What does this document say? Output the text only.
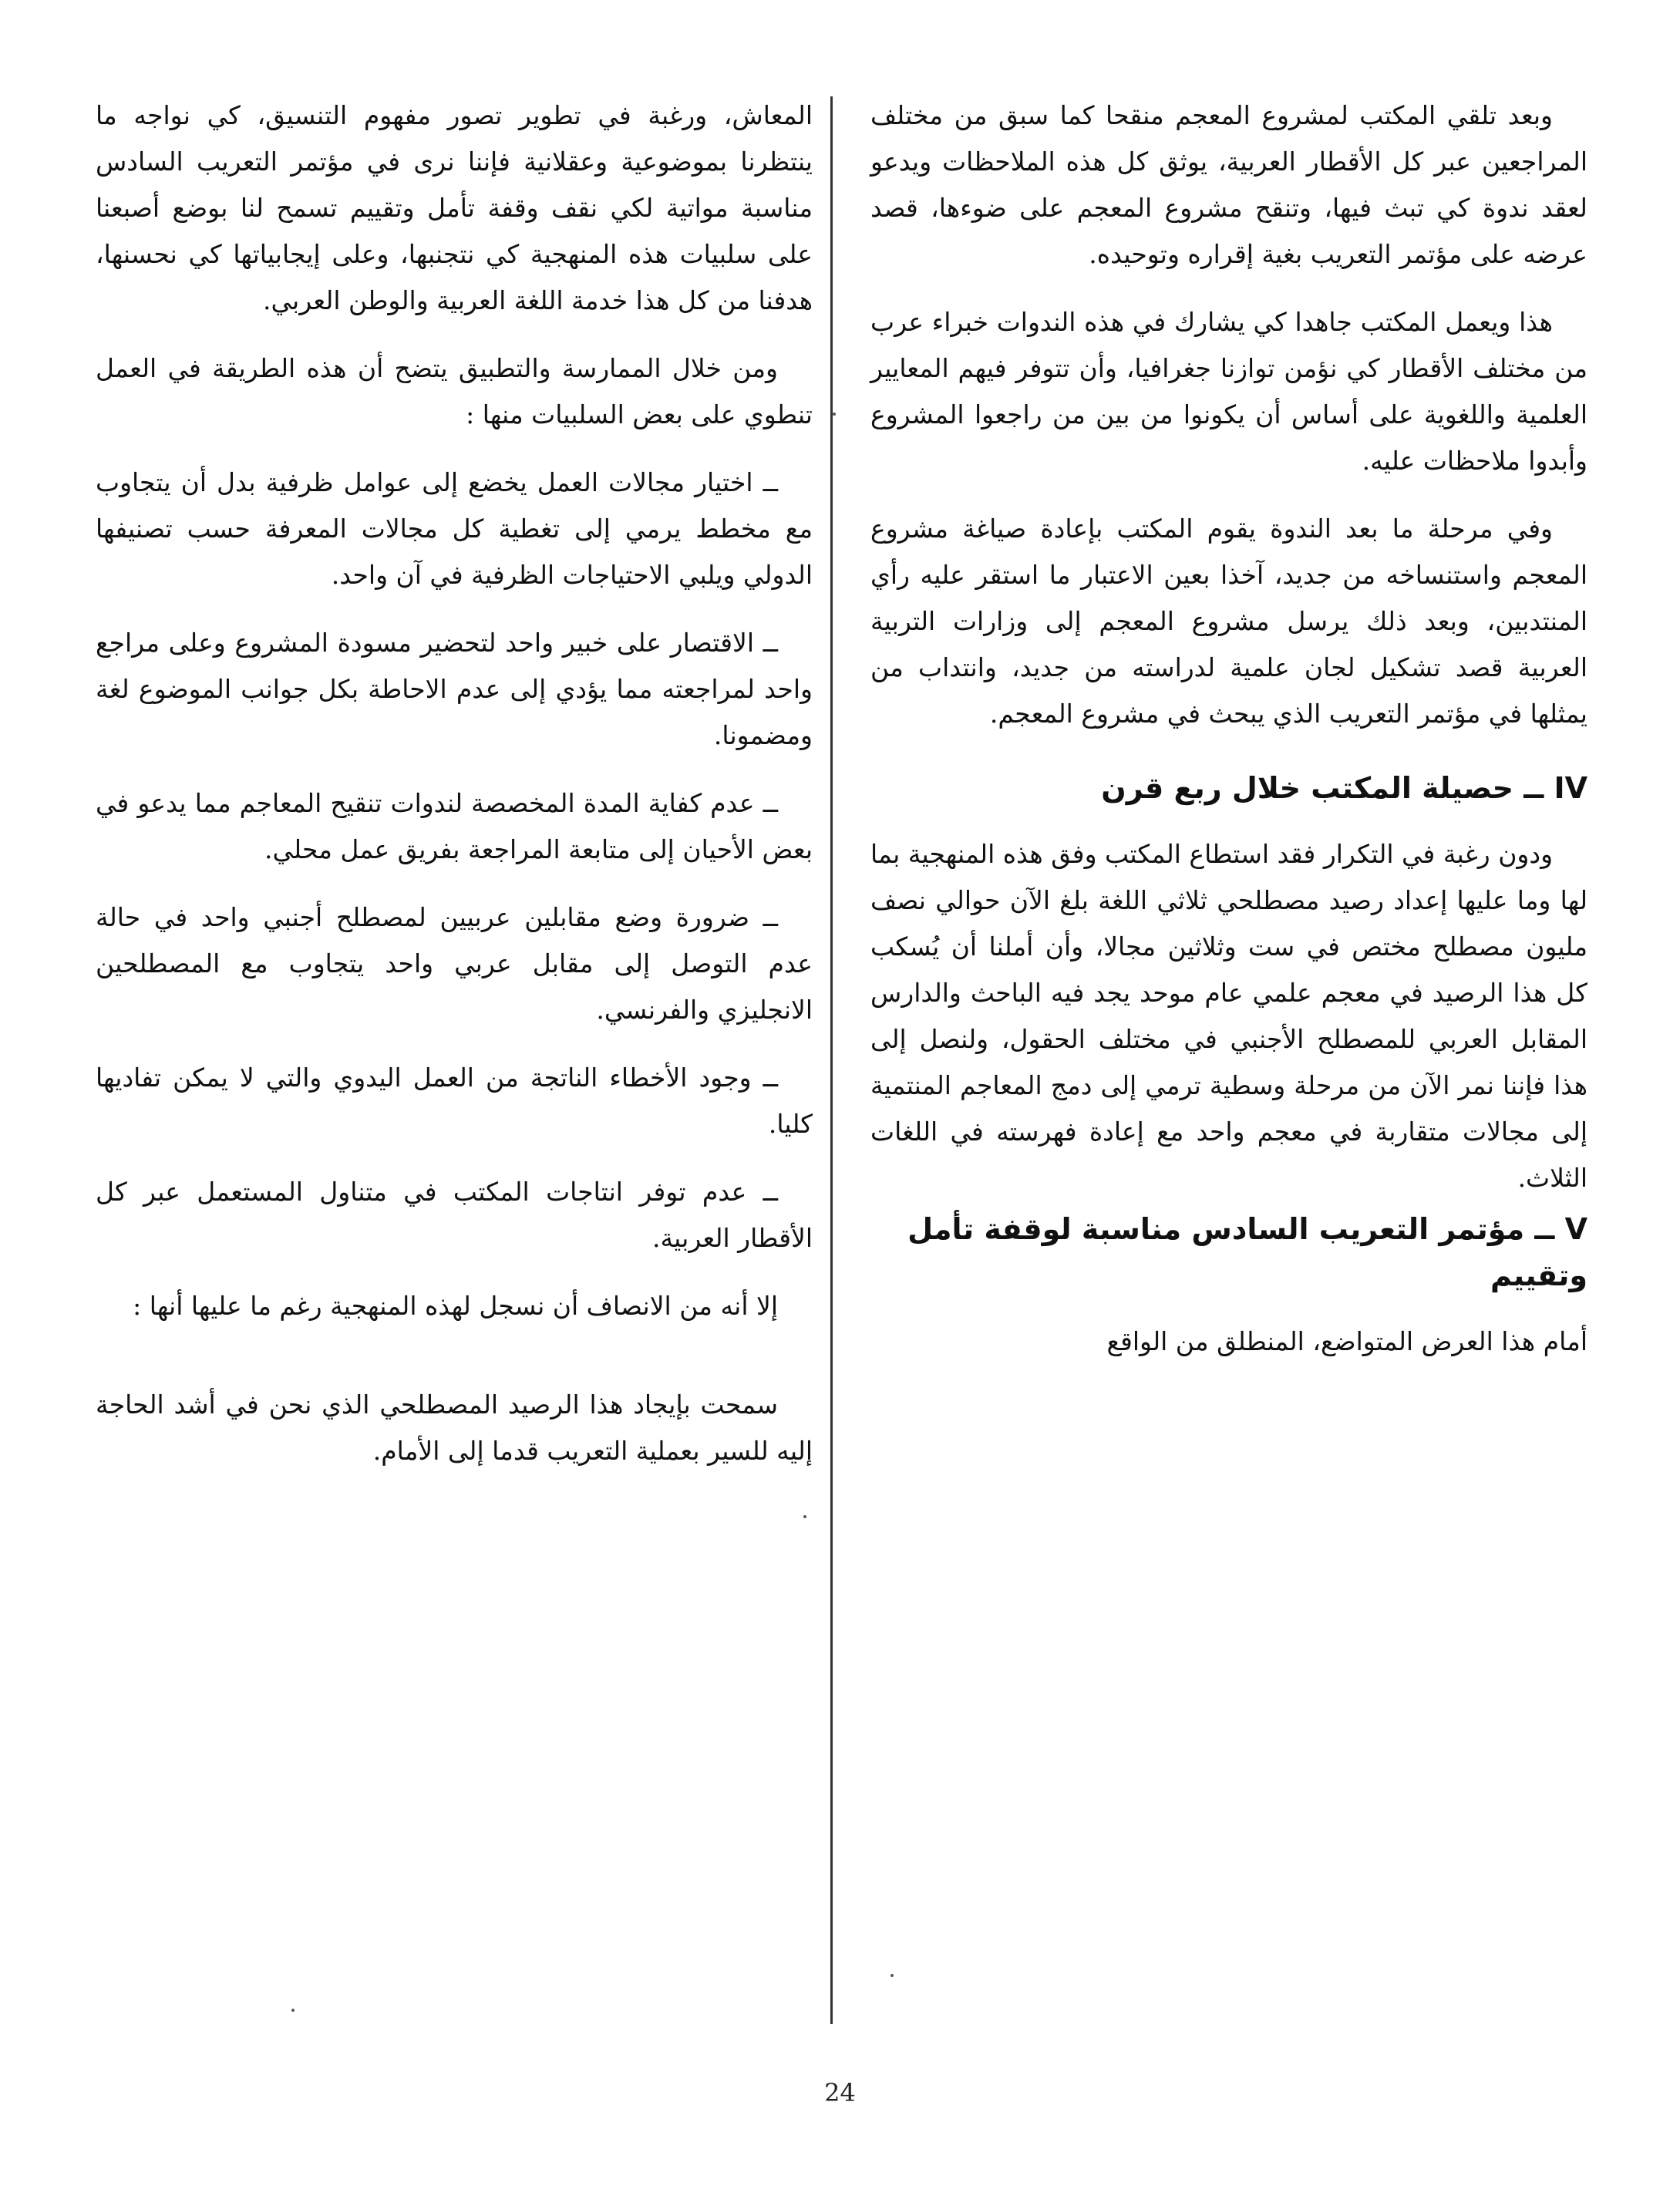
وبعد تلقي المكتب لمشروع المعجم منقحا كما سبق من مختلف المراجعين عبر كل الأقطار العربية، يوثق كل هذه الملاحظات ويدعو لعقد ندوة كي تبث فيها، وتنقح مشروع المعجم على ضوءها، قصد عرضه على مؤتمر التعريب بغية إقراره وتوحيده.

هذا ويعمل المكتب جاهدا كي يشارك في هذه الندوات خبراء عرب من مختلف الأقطار كي نؤمن توازنا جغرافيا، وأن تتوفر فيهم المعايير العلمية واللغوية على أساس أن يكونوا من بين من راجعوا المشروع وأبدوا ملاحظات عليه.

وفي مرحلة ما بعد الندوة يقوم المكتب بإعادة صياغة مشروع المعجم واستنساخه من جديد، آخذا بعين الاعتبار ما استقر عليه رأي المنتدبين، وبعد ذلك يرسل مشروع المعجم إلى وزارات التربية العربية قصد تشكيل لجان علمية لدراسته من جديد، وانتداب من يمثلها في مؤتمر التعريب الذي يبحث في مشروع المعجم.

IV ــ حصيلة المكتب خلال ربع قرن

ودون رغبة في التكرار فقد استطاع المكتب وفق هذه المنهجية بما لها وما عليها إعداد رصيد مصطلحي ثلاثي اللغة بلغ الآن حوالي نصف مليون مصطلح مختص في ست وثلاثين مجالا، وأن أملنا أن يُسكب كل هذا الرصيد في معجم علمي عام موحد يجد فيه الباحث والدارس المقابل العربي للمصطلح الأجنبي في مختلف الحقول، ولنصل إلى هذا فإننا نمر الآن من مرحلة وسطية ترمي إلى دمج المعاجم المنتمية إلى مجالات متقاربة في معجم واحد مع إعادة فهرسته في اللغات الثلاث.

V ــ مؤتمر التعريب السادس مناسبة لوقفة تأمل وتقييم

أمام هذا العرض المتواضع، المنطلق من الواقع

المعاش، ورغبة في تطوير تصور مفهوم التنسيق، كي نواجه ما ينتظرنا بموضوعية وعقلانية فإننا نرى في مؤتمر التعريب السادس مناسبة مواتية لكي نقف وقفة تأمل وتقييم تسمح لنا بوضع أصبعنا على سلبيات هذه المنهجية كي نتجنبها، وعلى إيجابياتها كي نحسنها، هدفنا من كل هذا خدمة اللغة العربية والوطن العربي.

ومن خلال الممارسة والتطبيق يتضح أن هذه الطريقة في العمل تنطوي على بعض السلبيات منها :

ــ اختيار مجالات العمل يخضع إلى عوامل ظرفية بدل أن يتجاوب مع مخطط يرمي إلى تغطية كل مجالات المعرفة حسب تصنيفها الدولي ويلبي الاحتياجات الظرفية في آن واحد.

ــ الاقتصار على خبير واحد لتحضير مسودة المشروع وعلى مراجع واحد لمراجعته مما يؤدي إلى عدم الاحاطة بكل جوانب الموضوع لغة ومضمونا.

ــ عدم كفاية المدة المخصصة لندوات تنقيح المعاجم مما يدعو في بعض الأحيان إلى متابعة المراجعة بفريق عمل محلي.

ــ ضرورة وضع مقابلين عربيين لمصطلح أجنبي واحد في حالة عدم التوصل إلى مقابل عربي واحد يتجاوب مع المصطلحين الانجليزي والفرنسي.

ــ وجود الأخطاء الناتجة من العمل اليدوي والتي لا يمكن تفاديها كليا.

ــ عدم توفر انتاجات المكتب في متناول المستعمل عبر كل الأقطار العربية.

إلا أنه من الانصاف أن نسجل لهذه المنهجية رغم ما عليها أنها :

سمحت بإيجاد هذا الرصيد المصطلحي الذي نحن في أشد الحاجة إليه للسير بعملية التعريب قدما إلى الأمام.

24
